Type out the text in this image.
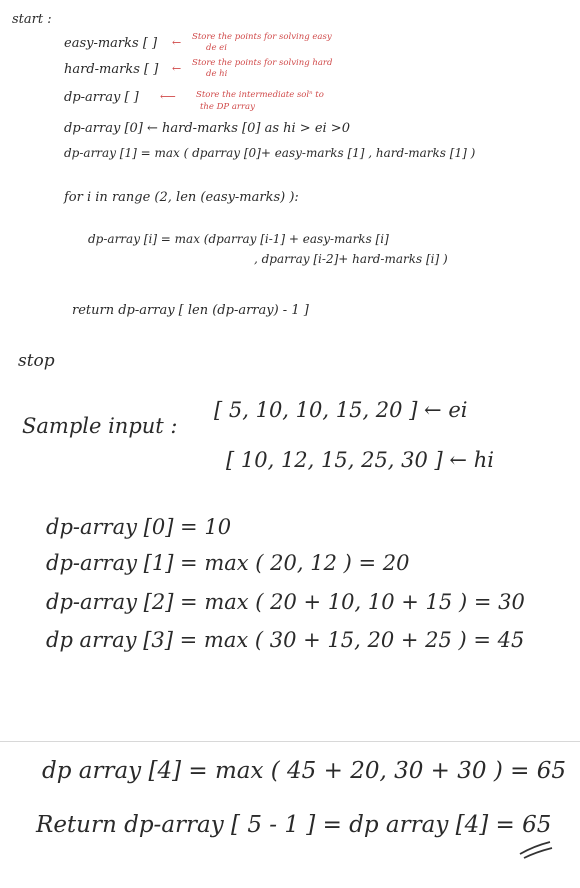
start :
easy-marks [ ] ← Store the points for solving easy
de ei
hard-marks [ ] ← Store the points for solving hard
de hi
dp-array [ ] ⟵ Store the intermediate solⁿ to
the DP array
dp-array [0] ← hard-marks [0] as hi > ei >0
dp-array [1] = max ( dparray [0]+ easy-marks [1] , hard-marks [1] )
for i in range (2, len (easy-marks) ):
dp-array [i] = max (dparray [i-1] + easy-marks [i]
, dparray [i-2]+ hard-marks [i] )
return dp-array [ len (dp-array) - 1 ]
stop
Sample input :
[ 5, 10, 10, 15, 20 ] ← ei
[ 10, 12, 15, 25, 30 ] ← hi
dp-array [0] = 10
dp-array [1] = max ( 20, 12 ) = 20
dp-array [2] = max ( 20 + 10, 10 + 15 ) = 30
dp array [3] = max ( 30 + 15, 20 + 25 ) = 45
dp array [4] = max ( 45 + 20, 30 + 30 ) = 65
Return dp-array [ 5 - 1 ] = dp array [4] = 65
